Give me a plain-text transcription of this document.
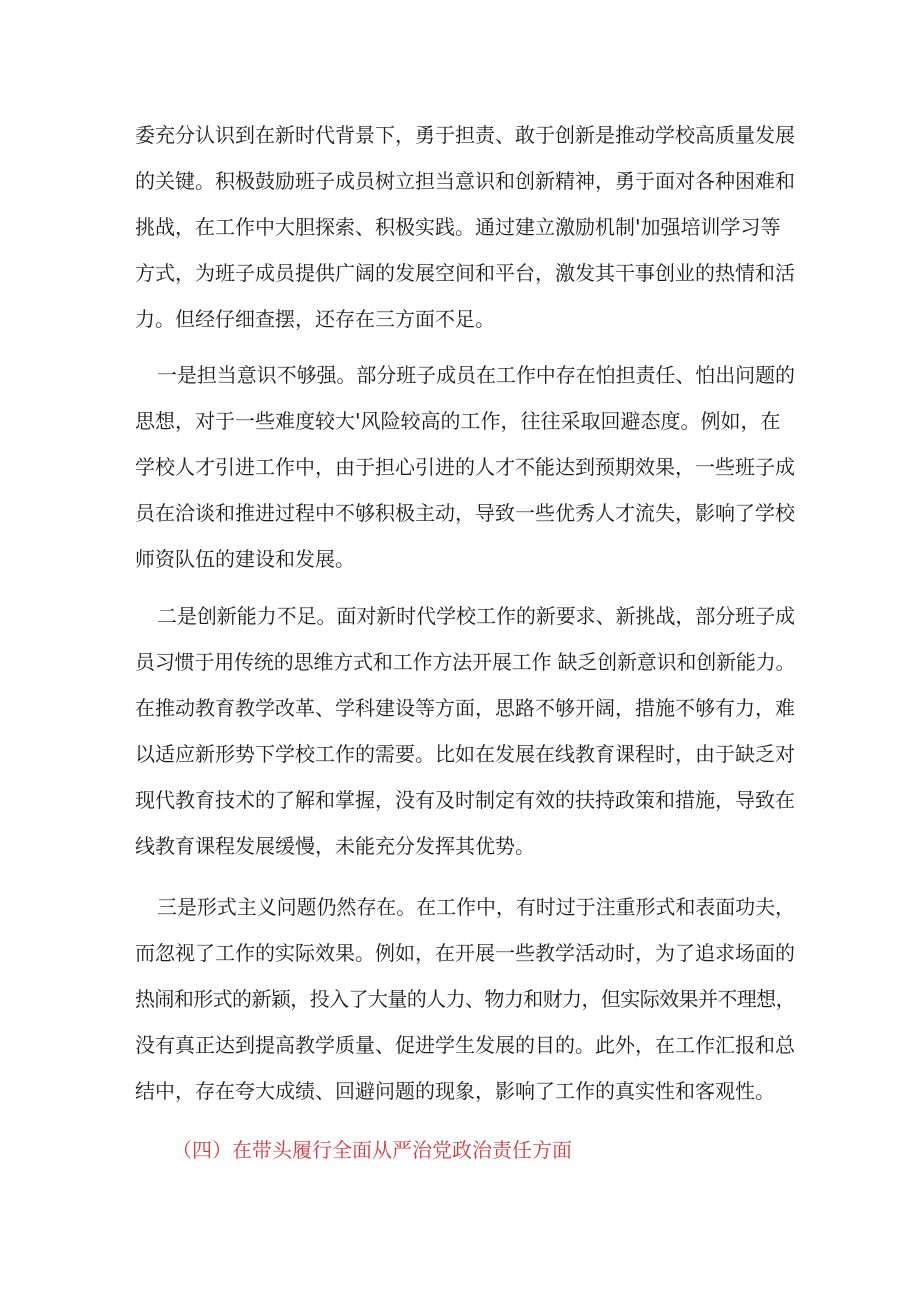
委充分认识到在新时代背景下，勇于担责、敢于创新是推动学校高质量发展
的关键。积极鼓励班子成员树立担当意识和创新精神，勇于面对各种困难和
挑战，在工作中大胆探索、积极实践。通过建立激励机制'加强培训学习等
方式，为班子成员提供广阔的发展空间和平台，激发其干事创业的热情和活
力。但经仔细查摆，还存在三方面不足。
一是担当意识不够强。部分班子成员在工作中存在怕担责任、怕出问题的
思想，对于一些难度较大'风险较高的工作，往往采取回避态度。例如，在
学校人才引进工作中，由于担心引进的人才不能达到预期效果，一些班子成
员在洽谈和推进过程中不够积极主动，导致一些优秀人才流失，影响了学校
师资队伍的建设和发展。
二是创新能力不足。面对新时代学校工作的新要求、新挑战，部分班子成
员习惯于用传统的思维方式和工作方法开展工作 缺乏创新意识和创新能力。
在推动教育教学改革、学科建设等方面，思路不够开阔，措施不够有力，难
以适应新形势下学校工作的需要。比如在发展在线教育课程时，由于缺乏对
现代教育技术的了解和掌握，没有及时制定有效的扶持政策和措施，导致在
线教育课程发展缓慢，未能充分发挥其优势。
三是形式主义问题仍然存在。在工作中，有时过于注重形式和表面功夫，
而忽视了工作的实际效果。例如，在开展一些教学活动时，为了追求场面的
热闹和形式的新颖，投入了大量的人力、物力和财力，但实际效果并不理想，
没有真正达到提高教学质量、促进学生发展的目的。此外，在工作汇报和总
结中，存在夸大成绩、回避问题的现象，影响了工作的真实性和客观性。
（四）在带头履行全面从严治党政治责任方面
